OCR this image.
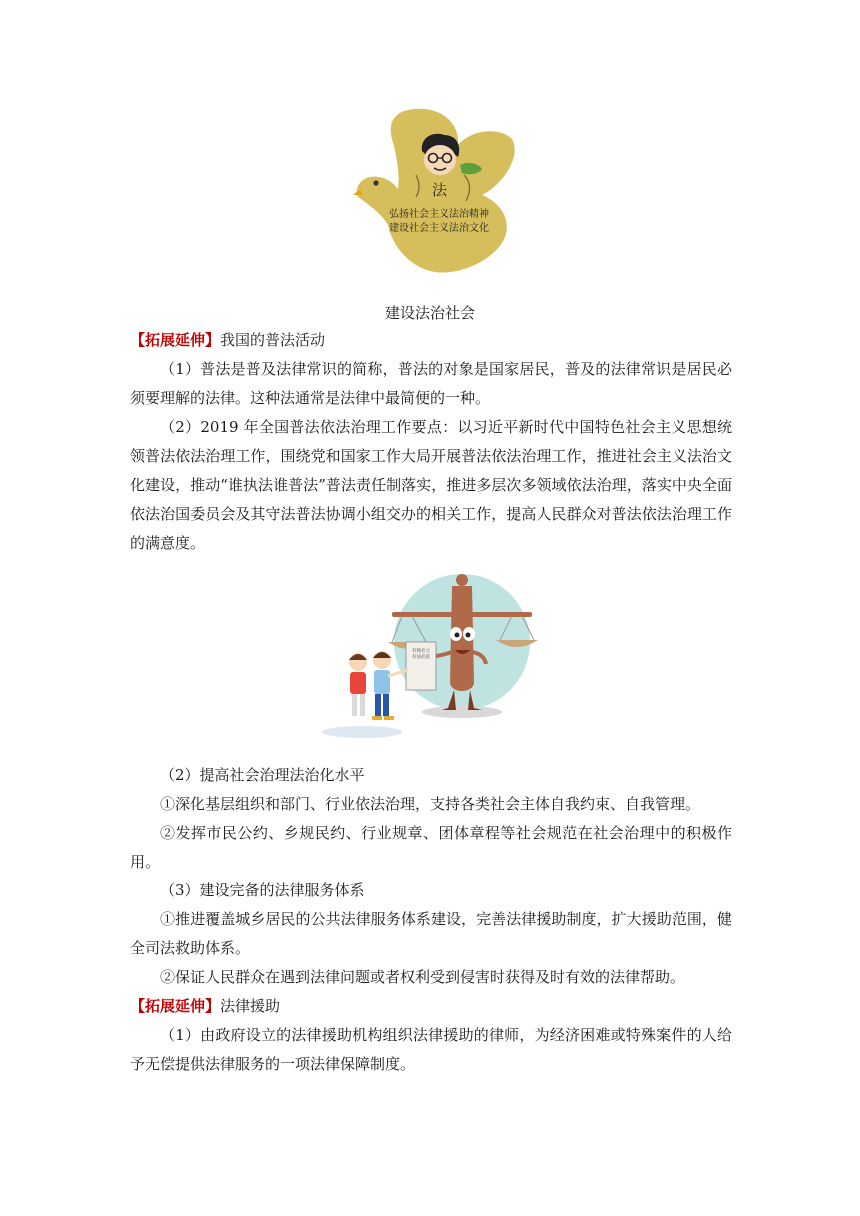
法
弘扬社会主义法治精神
建设社会主义法治文化
建设法治社会

【拓展延伸】我国的普法活动

（1）普法是普及法律常识的简称，普法的对象是国家居民，普及的法律常识是居民必须要理解的法律。这种法通常是法律中最简便的一种。

（2）2019 年全国普法依法治理工作要点：以习近平新时代中国特色社会主义思想统领普法依法治理工作，围绕党和国家工作大局开展普法依法治理工作，推进社会主义法治文化建设，推动“谁执法谁普法”普法责任制落实，推进多层次多领域依法治理，落实中央全面依法治国委员会及其守法普法协调小组交办的相关工作，提高人民群众对普法依法治理工作的满意度。

有规必立
有法必依

（2）提高社会治理法治化水平

①深化基层组织和部门、行业依法治理，支持各类社会主体自我约束、自我管理。

②发挥市民公约、乡规民约、行业规章、团体章程等社会规范在社会治理中的积极作用。

（3）建设完备的法律服务体系

①推进覆盖城乡居民的公共法律服务体系建设，完善法律援助制度，扩大援助范围，健全司法救助体系。

②保证人民群众在遇到法律问题或者权利受到侵害时获得及时有效的法律帮助。

【拓展延伸】法律援助

（1）由政府设立的法律援助机构组织法律援助的律师，为经济困难或特殊案件的人给予无偿提供法律服务的一项法律保障制度。
